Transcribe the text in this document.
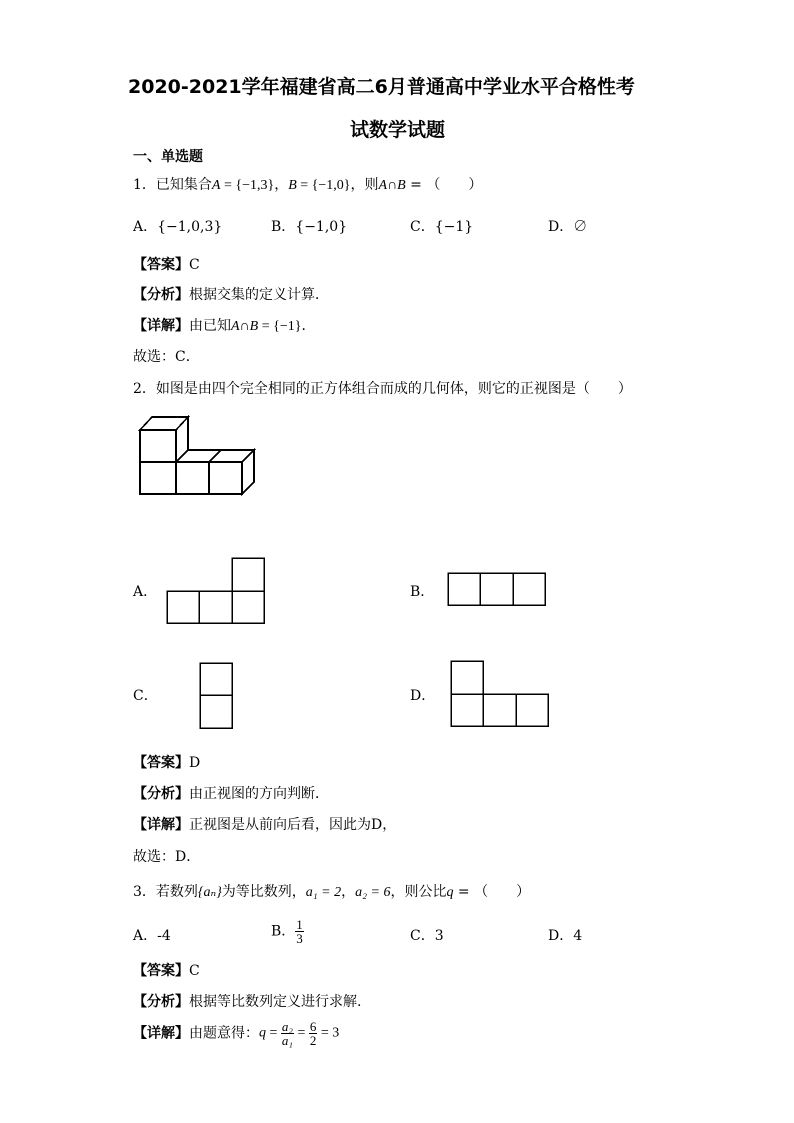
2020-2021学年福建省高二6月普通高中学业水平合格性考
试数学试题
一、单选题
1．已知集合A = {−1,3}，B = {−1,0}，则A∩B = （　　）
A．{−1,0,3}	B．{−1,0}	C．{−1}	D．∅
【答案】C
【分析】根据交集的定义计算．
【详解】由已知A∩B = {−1}．
故选：C．
2．如图是由四个完全相同的正方体组合而成的几何体，则它的正视图是（　　）
A．	B．
C．	D．
【答案】D
【分析】由正视图的方向判断．
【详解】正视图是从前向后看，因此为D，
故选：D．
3．若数列{aₙ}为等比数列，a₁ = 2，a₂ = 6，则公比q = （　　）
A．-4	B． $\frac{1}{3}$	C．3	D．4
【答案】C
【分析】根据等比数列定义进行求解.
【详解】由题意得：$q = \frac{\text{a₂}}{\text{a₁}} = \frac{6}{2} = 3$
